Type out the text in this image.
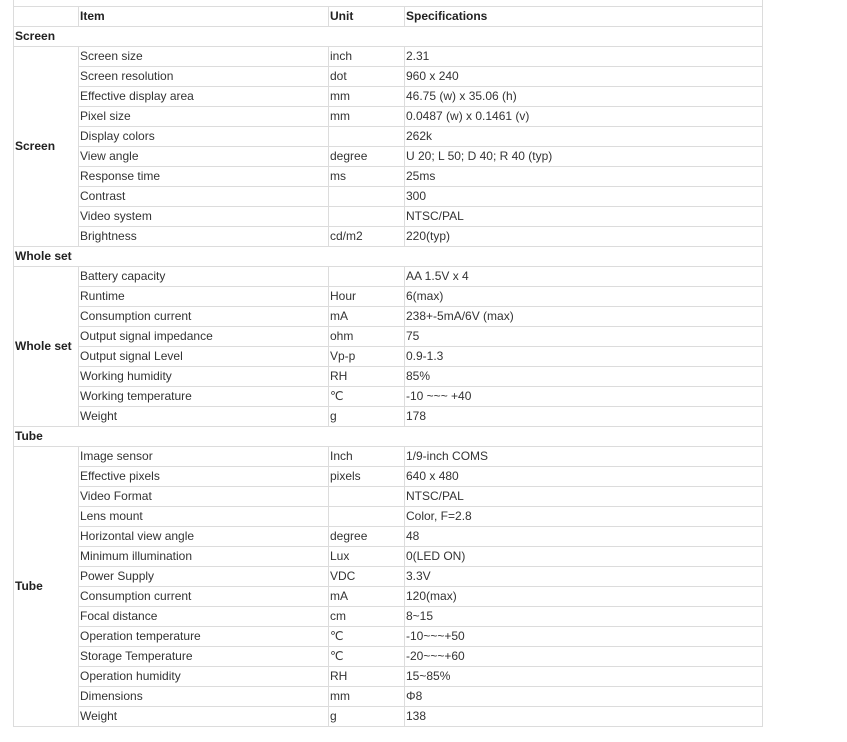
	Item	Unit	Specifications
Screen			
Screen	Screen size	inch	2.31
	Screen resolution	dot	960 x 240
	Effective display area	mm	46.75 (w) x 35.06 (h)
	Pixel size	mm	0.0487 (w) x 0.1461 (v)
	Display colors		262k
	View angle	degree	U 20; L 50; D 40; R 40 (typ)
	Response time	ms	25ms
	Contrast		300
	Video system		NTSC/PAL
	Brightness	cd/m2	220(typ)
Whole set			
Whole set	Battery capacity		AA 1.5V x 4
	Runtime	Hour	6(max)
	Consumption current	mA	238+-5mA/6V (max)
	Output signal impedance	ohm	75
	Output signal Level	Vp-p	0.9-1.3
	Working humidity	RH	85%
	Working temperature	℃	-10 ~~~ +40
	Weight	g	178
Tube			
Tube	Image sensor	Inch	1/9-inch COMS
	Effective pixels	pixels	640 x 480
	Video Format		NTSC/PAL
	Lens mount		Color, F=2.8
	Horizontal view angle	degree	48
	Minimum illumination	Lux	0(LED ON)
	Power Supply	VDC	3.3V
	Consumption current	mA	120(max)
	Focal distance	cm	8~15
	Operation temperature	℃	-10~~~+50
	Storage Temperature	℃	-20~~~+60
	Operation humidity	RH	15~85%
	Dimensions	mm	Φ8
	Weight	g	138
